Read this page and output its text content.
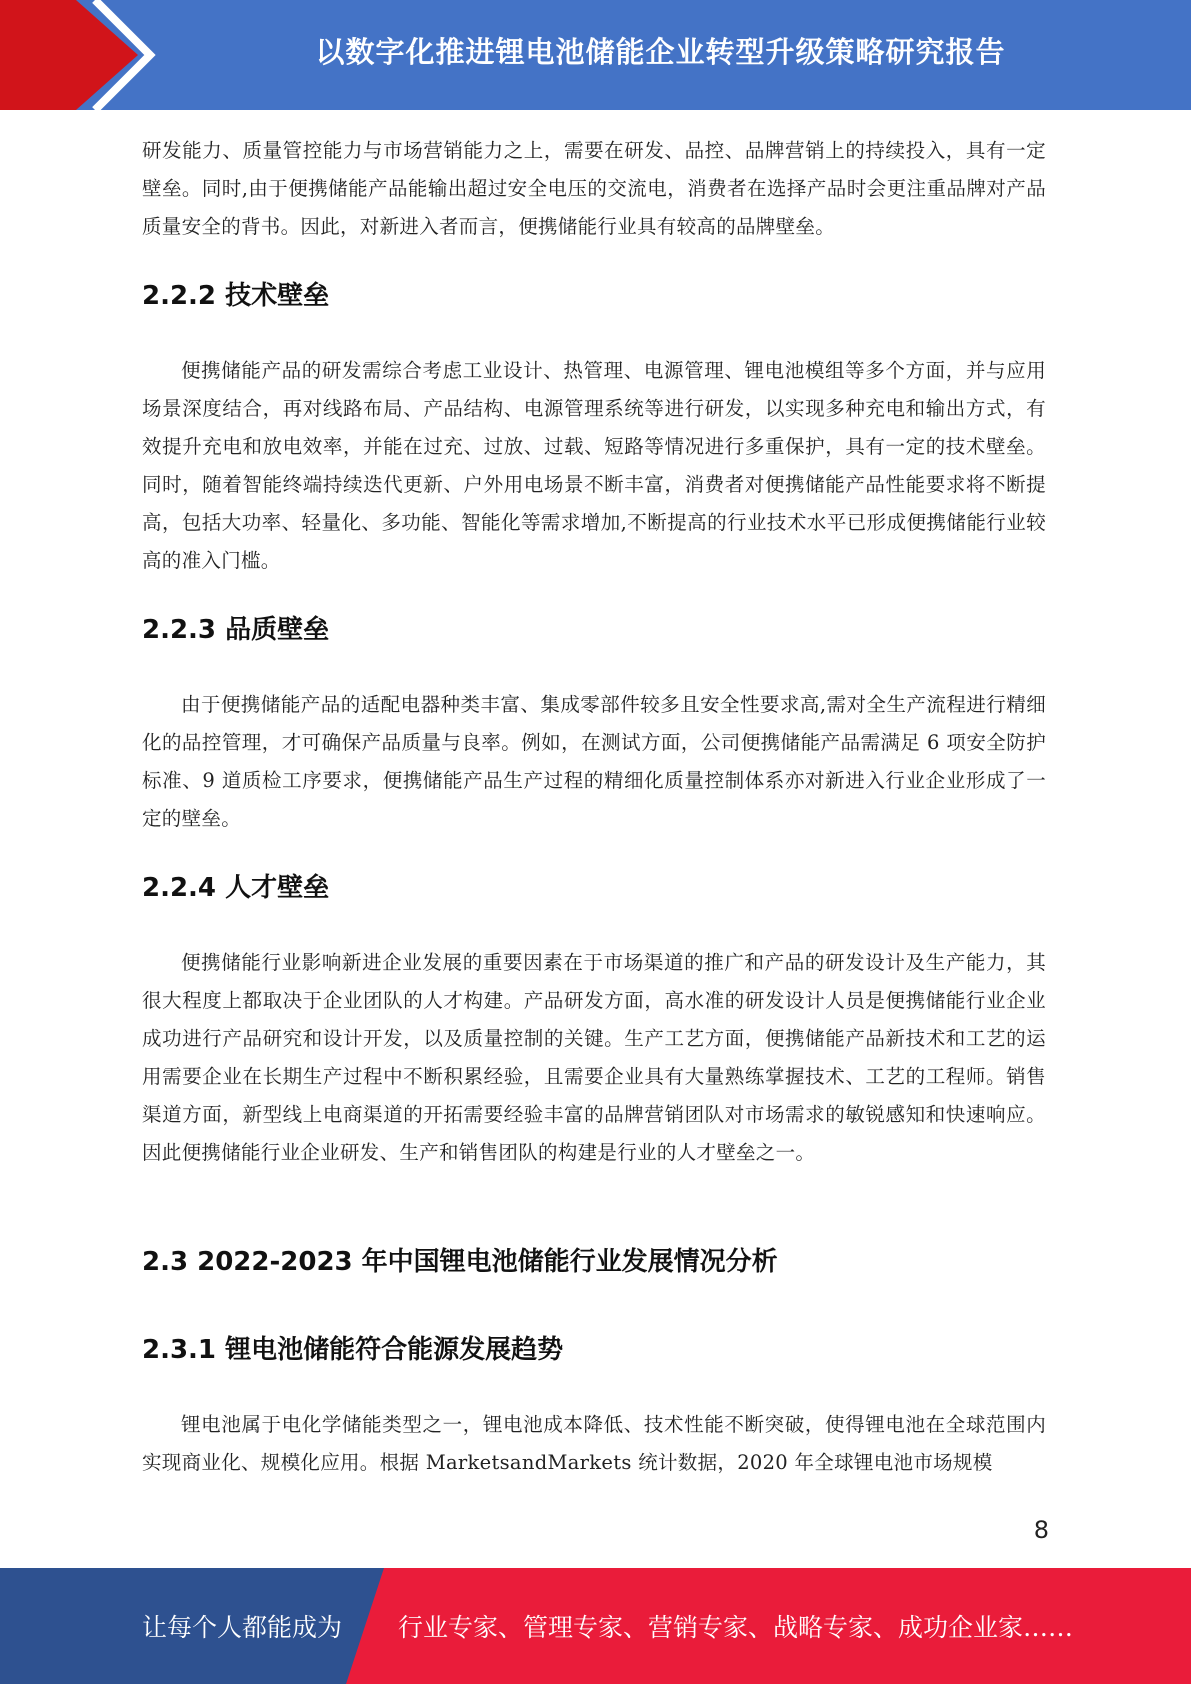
以数字化推进锂电池储能企业转型升级策略研究报告

研发能力、质量管控能力与市场营销能力之上，需要在研发、品控、品牌营销上的持续投入，具有一定壁垒。同时,由于便携储能产品能输出超过安全电压的交流电，消费者在选择产品时会更注重品牌对产品质量安全的背书。因此，对新进入者而言，便携储能行业具有较高的品牌壁垒。

2.2.2 技术壁垒

便携储能产品的研发需综合考虑工业设计、热管理、电源管理、锂电池模组等多个方面，并与应用场景深度结合，再对线路布局、产品结构、电源管理系统等进行研发，以实现多种充电和输出方式，有效提升充电和放电效率，并能在过充、过放、过载、短路等情况进行多重保护，具有一定的技术壁垒。同时，随着智能终端持续迭代更新、户外用电场景不断丰富，消费者对便携储能产品性能要求将不断提高，包括大功率、轻量化、多功能、智能化等需求增加,不断提高的行业技术水平已形成便携储能行业较高的准入门槛。

2.2.3 品质壁垒

由于便携储能产品的适配电器种类丰富、集成零部件较多且安全性要求高,需对全生产流程进行精细化的品控管理，才可确保产品质量与良率。例如，在测试方面，公司便携储能产品需满足 6 项安全防护标准、9 道质检工序要求，便携储能产品生产过程的精细化质量控制体系亦对新进入行业企业形成了一定的壁垒。

2.2.4 人才壁垒

便携储能行业影响新进企业发展的重要因素在于市场渠道的推广和产品的研发设计及生产能力，其很大程度上都取决于企业团队的人才构建。产品研发方面，高水准的研发设计人员是便携储能行业企业成功进行产品研究和设计开发，以及质量控制的关键。生产工艺方面，便携储能产品新技术和工艺的运用需要企业在长期生产过程中不断积累经验，且需要企业具有大量熟练掌握技术、工艺的工程师。销售渠道方面，新型线上电商渠道的开拓需要经验丰富的品牌营销团队对市场需求的敏锐感知和快速响应。因此便携储能行业企业研发、生产和销售团队的构建是行业的人才壁垒之一。

2.3 2022-2023 年中国锂电池储能行业发展情况分析
2.3.1 锂电池储能符合能源发展趋势

锂电池属于电化学储能类型之一，锂电池成本降低、技术性能不断突破，使得锂电池在全球范围内实现商业化、规模化应用。根据 MarketsandMarkets 统计数据，2020 年全球锂电池市场规模

8
让每个人都能成为 行业专家、管理专家、营销专家、战略专家、成功企业家……
